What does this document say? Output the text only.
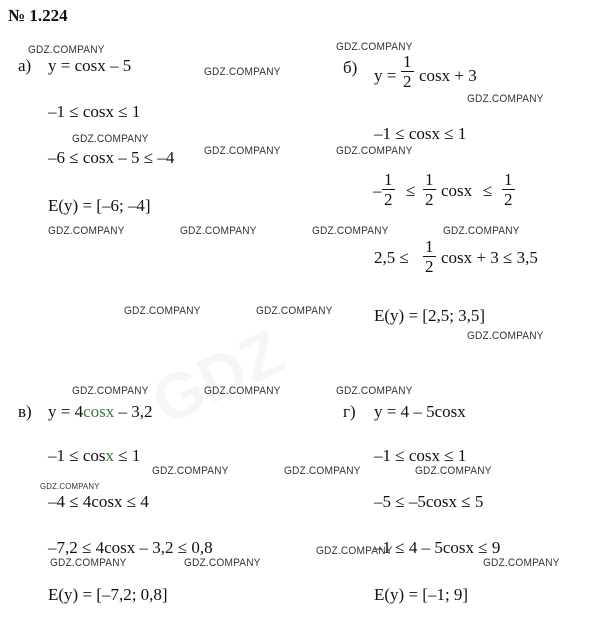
№ 1.224
а) y = cosx – 5
–1 ≤ cosx ≤ 1
–6 ≤ cosx – 5 ≤ –4
E(y) = [–6; –4]
б) $y = \frac{1}{2}$ cosx + 3
–1 ≤ cosx ≤ 1
– $\frac{1}{2} \le \frac{1}{2}$ $\cos x \le \frac{1}{2}$
$2,5 \le \frac{1}{2}$ cosx + 3 ≤ 3,5
E(y) = [2,5; 3,5]
в) y = 4cosx – 3,2
–1 ≤ cosx ≤ 1
–4 ≤ 4cosx ≤ 4
–7,2 ≤ 4cosx – 3,2 ≤ 0,8
E(y) = [–7,2; 0,8]
г) y = 4 – 5cosx
–1 ≤ cosx ≤ 1
–5 ≤ –5cosx ≤ 5
–1 ≤ 4 – 5cosx ≤ 9
E(y) = [–1; 9]
GDZ.COMPANY
GDZ.COMPANY
GDZ.COMPANY
GDZ.COMPANY
GDZ.COMPANY
GDZ.COMPANY	GDZ.COMPANY
GDZ.COMPANY	GDZ.COMPANY	GDZ.COMPANY	GDZ.COMPANY
GDZ.COMPANY	GDZ.COMPANY
GDZ.COMPANY
GDZ.COMPANY	GDZ.COMPANY	GDZ.COMPANY
GDZ.COMPANY	GDZ.COMPANY	GDZ.COMPANY
GDZ.COMPANY
GDZ.COMPANY
GDZ.COMPANY	GDZ.COMPANY	GDZ.COMPANY
